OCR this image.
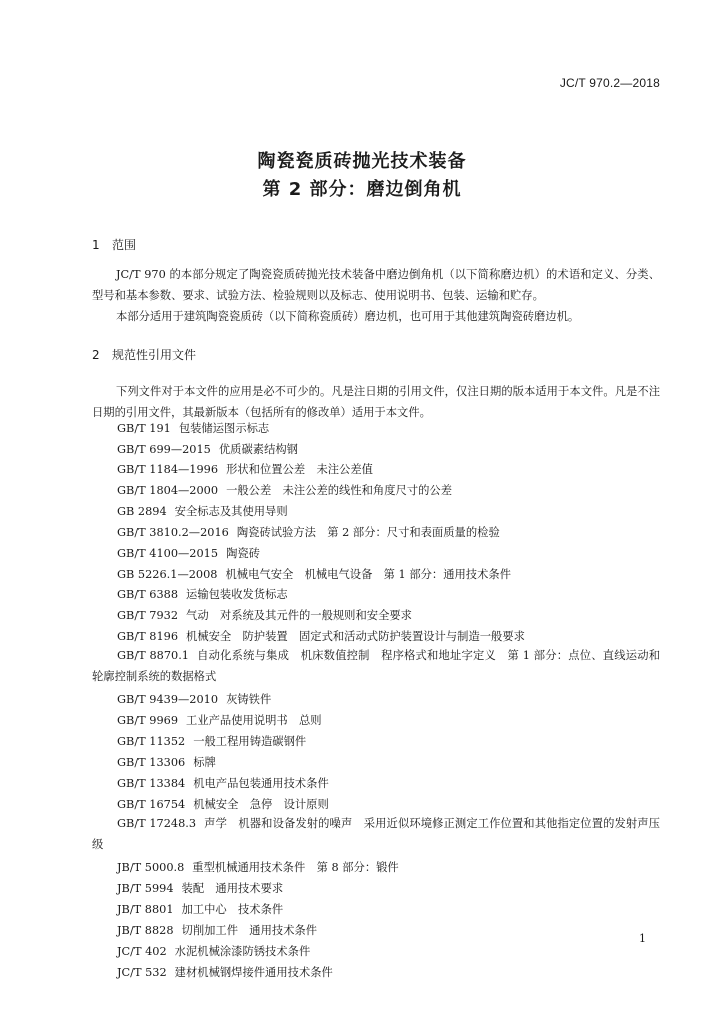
JC/T 970.2—2018
陶瓷瓷质砖抛光技术装备
第 2 部分：磨边倒角机
1 范围

JC/T 970 的本部分规定了陶瓷瓷质砖抛光技术装备中磨边倒角机（以下简称磨边机）的术语和定义、分类、型号和基本参数、要求、试验方法、检验规则以及标志、使用说明书、包装、运输和贮存。

本部分适用于建筑陶瓷瓷质砖（以下简称瓷质砖）磨边机，也可用于其他建筑陶瓷砖磨边机。

2 规范性引用文件

下列文件对于本文件的应用是必不可少的。凡是注日期的引用文件，仅注日期的版本适用于本文件。凡是不注日期的引用文件，其最新版本（包括所有的修改单）适用于本文件。

GB/T 191 包装储运图示标志
GB/T 699—2015 优质碳素结构钢
GB/T 1184—1996 形状和位置公差　未注公差值
GB/T 1804—2000 一般公差　未注公差的线性和角度尺寸的公差
GB 2894 安全标志及其使用导则
GB/T 3810.2—2016 陶瓷砖试验方法　第 2 部分：尺寸和表面质量的检验
GB/T 4100—2015 陶瓷砖
GB 5226.1—2008 机械电气安全　机械电气设备　第 1 部分：通用技术条件
GB/T 6388 运输包装收发货标志
GB/T 7932 气动　对系统及其元件的一般规则和安全要求
GB/T 8196 机械安全　防护装置　固定式和活动式防护装置设计与制造一般要求

GB/T 8870.1 自动化系统与集成　机床数值控制　程序格式和地址字定义　第 1 部分：点位、直线运动和轮廓控制系统的数据格式

GB/T 9439—2010 灰铸铁件
GB/T 9969 工业产品使用说明书　总则
GB/T 11352 一般工程用铸造碳钢件
GB/T 13306 标牌
GB/T 13384 机电产品包装通用技术条件
GB/T 16754 机械安全　急停　设计原则

GB/T 17248.3 声学　机器和设备发射的噪声　采用近似环境修正测定工作位置和其他指定位置的发射声压级

JB/T 5000.8 重型机械通用技术条件　第 8 部分：锻件
JB/T 5994 装配　通用技术要求
JB/T 8801 加工中心　技术条件
JB/T 8828 切削加工件　通用技术条件
JC/T 402 水泥机械涂漆防锈技术条件
JC/T 532 建材机械钢焊接件通用技术条件
1
